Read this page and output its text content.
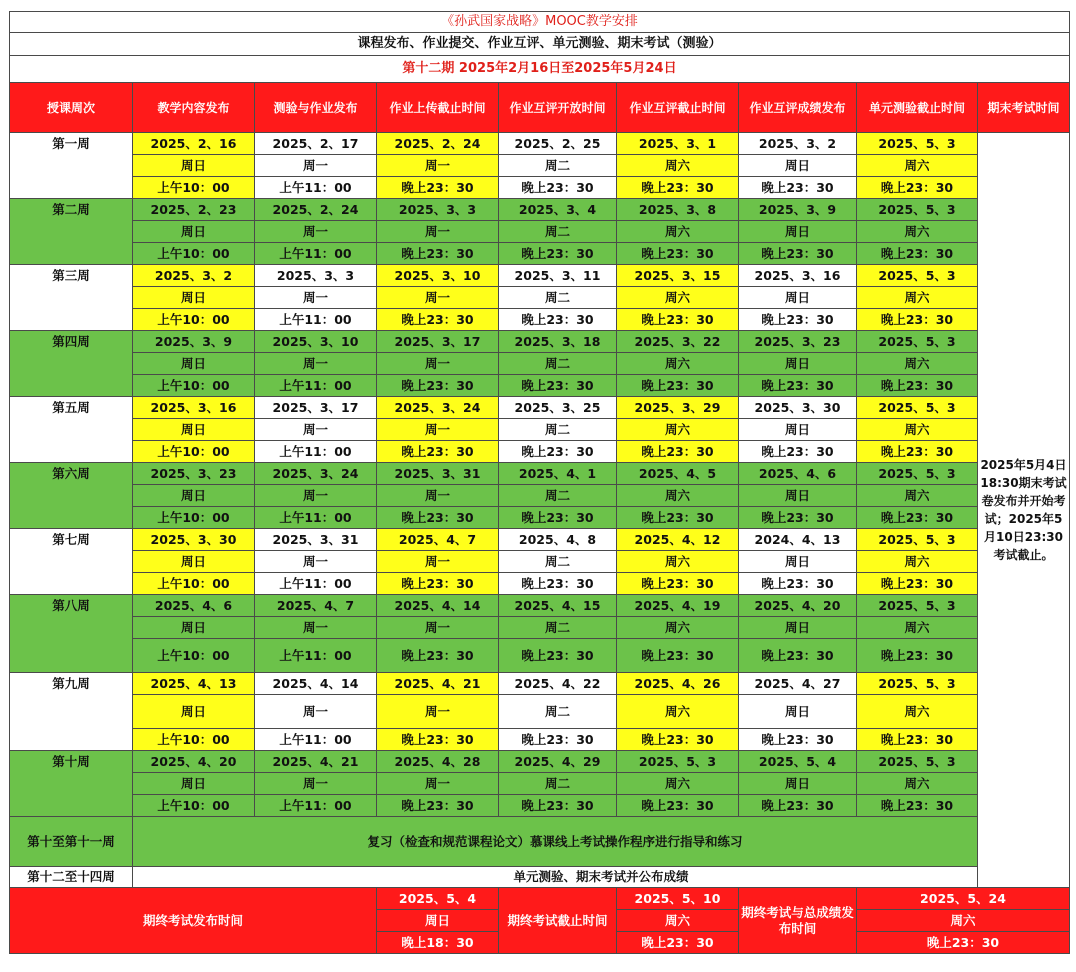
《孙武国家战略》MOOC教学安排								
课程发布、作业提交、作业互评、单元测验、期末考试（测验）								
第十二期 2025年2月16日至2025年5月24日								
授课周次	教学内容发布	测验与作业发布	作业上传截止时间	作业互评开放时间	作业互评截止时间	作业互评成绩发布	单元测验截止时间	期末考试时间
第一周	2025、2、16	2025、2、17	2025、2、24	2025、2、25	2025、3、1	2025、3、2	2025、5、3	2025年5月4日18:30期末考试卷发布并开始考试；2025年5月10日23:30考试截止。
	周日	周一	周一	周二	周六	周日	周六	
	上午10：00	上午11：00	晚上23：30	晚上23：30	晚上23：30	晚上23：30	晚上23：30	
第二周	2025、2、23	2025、2、24	2025、3、3	2025、3、4	2025、3、8	2025、3、9	2025、5、3	
	周日	周一	周一	周二	周六	周日	周六	
	上午10：00	上午11：00	晚上23：30	晚上23：30	晚上23：30	晚上23：30	晚上23：30	
第三周	2025、3、2	2025、3、3	2025、3、10	2025、3、11	2025、3、15	2025、3、16	2025、5、3	
	周日	周一	周一	周二	周六	周日	周六	
	上午10：00	上午11：00	晚上23：30	晚上23：30	晚上23：30	晚上23：30	晚上23：30	
第四周	2025、3、9	2025、3、10	2025、3、17	2025、3、18	2025、3、22	2025、3、23	2025、5、3	
	周日	周一	周一	周二	周六	周日	周六	
	上午10：00	上午11：00	晚上23：30	晚上23：30	晚上23：30	晚上23：30	晚上23：30	
第五周	2025、3、16	2025、3、17	2025、3、24	2025、3、25	2025、3、29	2025、3、30	2025、5、3	
	周日	周一	周一	周二	周六	周日	周六	
	上午10：00	上午11：00	晚上23：30	晚上23：30	晚上23：30	晚上23：30	晚上23：30	
第六周	2025、3、23	2025、3、24	2025、3、31	2025、4、1	2025、4、5	2025、4、6	2025、5、3	
	周日	周一	周一	周二	周六	周日	周六	
	上午10：00	上午11：00	晚上23：30	晚上23：30	晚上23：30	晚上23：30	晚上23：30	
第七周	2025、3、30	2025、3、31	2025、4、7	2025、4、8	2025、4、12	2024、4、13	2025、5、3	
	周日	周一	周一	周二	周六	周日	周六	
	上午10：00	上午11：00	晚上23：30	晚上23：30	晚上23：30	晚上23：30	晚上23：30	
第八周	2025、4、6	2025、4、7	2025、4、14	2025、4、15	2025、4、19	2025、4、20	2025、5、3	
	周日	周一	周一	周二	周六	周日	周六	
	上午10：00	上午11：00	晚上23：30	晚上23：30	晚上23：30	晚上23：30	晚上23：30	
第九周	2025、4、13	2025、4、14	2025、4、21	2025、4、22	2025、4、26	2025、4、27	2025、5、3	
	周日	周一	周一	周二	周六	周日	周六	
	上午10：00	上午11：00	晚上23：30	晚上23：30	晚上23：30	晚上23：30	晚上23：30	
第十周	2025、4、20	2025、4、21	2025、4、28	2025、4、29	2025、5、3	2025、5、4	2025、5、3	
	周日	周一	周一	周二	周六	周日	周六	
	上午10：00	上午11：00	晚上23：30	晚上23：30	晚上23：30	晚上23：30	晚上23：30	
第十至第十一周	复习（检查和规范课程论文）慕课线上考试操作程序进行指导和练习							
第十二至十四周	单元测验、期末考试并公布成绩							
期终考试发布时间			2025、5、4	期终考试截止时间	2025、5、10	期终考试与总成绩发布时间	2025、5、24	
			周日		周六		周六	
			晚上18：30		晚上23：30		晚上23：30	
